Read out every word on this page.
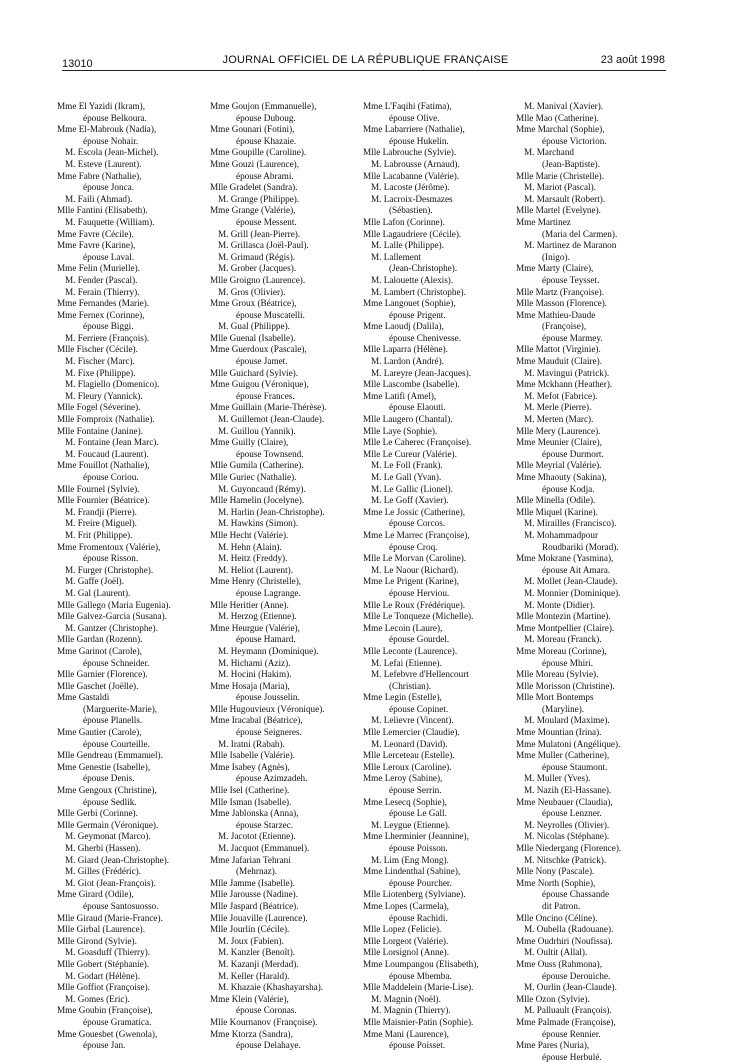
13010	JOURNAL OFFICIEL DE LA RÉPUBLIQUE FRANÇAISE	23 août 1998
Mme El Yazidi (Ikram),
épouse Belkoura.
Mme El-Mabrouk (Nadia),
épouse Nohair.
M. Escola (Jean-Michel).
M. Esteve (Laurent).
Mme Fabre (Nathalie),
épouse Jonca.
M. Faili (Ahmad).
Mlle Fantini (Elisabeth).
M. Fauquette (William).
Mme Favre (Cécile).
Mme Favre (Karine),
épouse Laval.
Mme Felin (Murielle).
M. Fender (Pascal).
M. Ferain (Thierry).
Mme Fernandes (Marie).
Mme Fernex (Corinne),
épouse Biggi.
M. Ferriere (François).
Mlle Fischer (Cécile).
M. Fischer (Marc).
M. Fixe (Philippe).
M. Flagiello (Domenico).
M. Fleury (Yannick).
Mlle Fogel (Séverine).
Mlle Fomproix (Nathalie).
Mlle Fontaine (Janine).
M. Fontaine (Jean Marc).
M. Foucaud (Laurent).
Mme Fouillot (Nathalie),
épouse Coriou.
Mlle Fournel (Sylvie).
Mlle Fournier (Béatrice).
M. Frandji (Pierre).
M. Freire (Miguel).
M. Frit (Philippe).
Mme Fromentoux (Valérie),
épouse Risson.
M. Furger (Christophe).
M. Gaffe (Joël).
M. Gal (Laurent).
Mlle Gallego (Maria Eugenia).
Mlle Galvez-Garcia (Susana).
M. Gantzer (Christophe).
Mlle Gardan (Rozenn).
Mme Garinot (Carole),
épouse Schneider.
Mlle Garnier (Florence).
Mlle Gaschet (Joëlle).
Mme Gastaldi
(Marguerite-Marie),
épouse Planells.
Mme Gautier (Carole),
épouse Courteille.
Mlle Gendreau (Emmanuel).
Mme Genestie (Isabelle),
épouse Denis.
Mme Gengoux (Christine),
épouse Sedlik.
Mlle Gerbi (Corinne).
Mlle Germain (Véronique).
M. Geymonat (Marco).
M. Gherbi (Hassen).
M. Giard (Jean-Christophe).
M. Gilles (Frédéric).
M. Giot (Jean-François).
Mme Girard (Odile),
épouse Santosuosso.
Mlle Giraud (Marie-France).
Mlle Girbal (Laurence).
Mlle Girond (Sylvie).
M. Goasduff (Thierry).
Mlle Gobert (Stéphanie).
M. Godart (Hélène).
Mlle Goffiot (Françoise).
M. Gomes (Eric).
Mme Goubin (Françoise),
épouse Gramatica.
Mme Gouesbet (Gwenola),
épouse Jan.
Mme Goujon (Emmanuelle),
épouse Duboug.
Mme Gounari (Fotini),
épouse Khazaie.
Mme Goupille (Caroline).
Mme Gouzi (Laurence),
épouse Abrami.
Mlle Gradelet (Sandra).
M. Grange (Philippe).
Mme Grange (Valérie),
épouse Messent.
M. Grill (Jean-Pierre).
M. Grillasca (Joël-Paul).
M. Grimaud (Régis).
M. Grober (Jacques).
Mlle Groigno (Laurence).
M. Gros (Olivier).
Mme Groux (Béatrice),
épouse Muscatelli.
M. Gual (Philippe).
Mlle Guenal (Isabelle).
Mme Guerdoux (Pascale),
épouse Jamet.
Mlle Guichard (Sylvie).
Mme Guigou (Véronique),
épouse Frances.
Mme Guillain (Marie-Thérèse).
M. Guillemot (Jean-Claude).
M. Guillou (Yannik).
Mme Guilly (Claire),
épouse Townsend.
Mlle Gumila (Catherine).
Mlle Guriec (Nathalie).
M. Guyoncaud (Rémy).
Mlle Hamelin (Jocelyne).
M. Harlin (Jean-Christophe).
M. Hawkins (Simon).
Mlle Hecht (Valérie).
M. Hehn (Alain).
M. Heitz (Freddy).
M. Heliot (Laurent).
Mme Henry (Christelle),
épouse Lagrange.
Mlle Heritier (Anne).
M. Herzog (Etienne).
Mme Heurgue (Valérie),
épouse Hamard.
M. Heymann (Dominique).
M. Hichami (Aziz).
M. Hocini (Hakim).
Mme Hosaja (Maria),
épouse Jousselin.
Mlle Hugouvieux (Véronique).
Mme Iracabal (Béatrice),
épouse Seigneres.
M. Iratni (Rabah).
Mlle Isabelle (Valérie).
Mme Isabey (Agnès),
épouse Azimzadeh.
Mlle Isel (Catherine).
Mlle Isman (Isabelle).
Mme Jablonska (Anna),
épouse Starzec.
M. Jacotot (Etienne).
M. Jacquot (Emmanuel).
Mme Jafarian Tehrani
(Mehrnaz).
Mlle Jamme (Isabelle).
Mlle Jarousse (Nadine).
Mlle Jaspard (Béatrice).
Mlle Jouaville (Laurence).
Mlle Jourlin (Cécile).
M. Joux (Fabien).
M. Kanzler (Benoît).
M. Kazanji (Merdad).
M. Keller (Harald).
M. Khazaie (Khashayarsha).
Mme Klein (Valérie),
épouse Coronas.
Mlle Kournanov (Françoise).
Mme Ktorza (Sandra),
épouse Delahaye.
Mme L'Faqihi (Fatima),
épouse Olive.
Mme Labarriere (Nathalie),
épouse Hukelin.
Mlle Labrouche (Sylvie).
M. Labrousse (Arnaud).
Mlle Lacabanne (Valérie).
M. Lacoste (Jérôme).
M. Lacroix-Desmazes
(Sébastien).
Mlle Lafon (Corinne).
Mlle Lagaudriere (Cécile).
M. Lalle (Philippe).
M. Lallement
(Jean-Christophe).
M. Lalouette (Alexis).
M. Lambert (Christophe).
Mme Langouet (Sophie),
épouse Prigent.
Mme Laoudj (Dalila),
épouse Chenivesse.
Mlle Laparra (Hélène).
M. Lardon (André).
M. Lareyre (Jean-Jacques).
Mlle Lascombe (Isabelle).
Mme Latifi (Amel),
épouse Elaouti.
Mlle Laugero (Chantal).
Mlle Laye (Sophie).
Mlle Le Caherec (Françoise).
Mlle Le Cureur (Valérie).
M. Le Foll (Frank).
M. Le Gall (Yvan).
M. Le Gallic (Lionel).
M. Le Goff (Xavier).
Mme Le Jossic (Catherine),
épouse Corcos.
Mme Le Marrec (Françoise),
épouse Croq.
Mlle Le Morvan (Caroline).
M. Le Naour (Richard).
Mme Le Prigent (Karine),
épouse Herviou.
Mlle Le Roux (Frédérique).
Mlle Le Tonqueze (Michelle).
Mme Lecoin (Laure),
épouse Gourdel.
Mlle Leconte (Laurence).
M. Lefai (Etienne).
M. Lefebvre d'Hellencourt
(Christian).
Mme Legin (Estelle),
épouse Copinet.
M. Lelievre (Vincent).
Mlle Lemercier (Claudie).
M. Leonard (David).
Mlle Lerceteau (Estelle).
Mlle Leroux (Caroline).
Mme Leroy (Sabine),
épouse Serrin.
Mme Lesecq (Sophie),
épouse Le Gall.
M. Leygue (Etienne).
Mme Lherminier (Jeannine),
épouse Poisson.
M. Lim (Eng Mong).
Mme Lindenthal (Sabine),
épouse Pourcher.
Mlle Liotenberg (Sylviane).
Mme Lopes (Carmela),
épouse Rachidi.
Mlle Lopez (Felicie).
Mlle Lorgeot (Valérie).
Mlle Lorsignol (Anne).
Mme Loumpangou (Elisabeth),
épouse Mbemba.
Mlle Maddelein (Marie-Lise).
M. Magnin (Noël).
M. Magnin (Thierry).
Mlle Maisnier-Patin (Sophie).
Mme Mani (Laurence),
épouse Poisset.
M. Manival (Xavier).
Mlle Mao (Catherine).
Mme Marchal (Sophie),
épouse Victorion.
M. Marchand
(Jean-Baptiste).
Mlle Marie (Christelle).
M. Mariot (Pascal).
M. Marsault (Robert).
Mlle Martel (Evelyne).
Mme Martinez
(Maria del Carmen).
M. Martinez de Maranon
(Inigo).
Mme Marty (Claire),
épouse Teysset.
Mlle Martz (Françoise).
Mlle Masson (Florence).
Mme Mathieu-Daude
(Françoise),
épouse Marmey.
Mlle Mattot (Virginie).
Mme Mauduit (Claire).
M. Mavingui (Patrick).
Mme Mckhann (Heather).
M. Mefot (Fabrice).
M. Merle (Pierre).
M. Merten (Marc).
Mlle Mery (Laurence).
Mme Meunier (Claire),
épouse Durmort.
Mlle Meyrial (Valérie).
Mme Mhaouty (Sakina),
épouse Kodja.
Mlle Minella (Odile).
Mlle Miquel (Karine).
M. Mirailles (Francisco).
M. Mohammadpour
Roudbariki (Morad).
Mme Mokrane (Yasmina),
épouse Ait Amara.
M. Mollet (Jean-Claude).
M. Monnier (Dominique).
M. Monte (Didier).
Mlle Montezin (Martine).
Mme Montpellier (Claire).
M. Moreau (Franck).
Mme Moreau (Corinne),
épouse Mhiri.
Mlle Moreau (Sylvie).
Mlle Morisson (Christine).
Mlle Mort Bontemps
(Maryline).
M. Moulard (Maxime).
Mme Mountian (Irina).
Mme Mulatoni (Angélique).
Mme Muller (Catherine),
épouse Staumont.
M. Muller (Yves).
M. Nazih (El-Hassane).
Mme Neubauer (Claudia),
épouse Lenzner.
M. Neyrolles (Olivier).
M. Nicolas (Stéphane).
Mlle Niedergang (Florence).
M. Nitschke (Patrick).
Mlle Nony (Pascale).
Mme North (Sophie),
épouse Chassande
dit Patron.
Mlle Oncino (Céline).
M. Oubella (Radouane).
Mme Oudrhiri (Noufissa).
M. Oultit (Allal).
Mme Ouss (Rahmona),
épouse Derouiche.
M. Ourlin (Jean-Claude).
Mlle Ozon (Sylvie).
M. Palluault (François).
Mme Palmade (Françoise),
épouse Rennier.
Mme Pares (Nuria),
épouse Herbulé.
